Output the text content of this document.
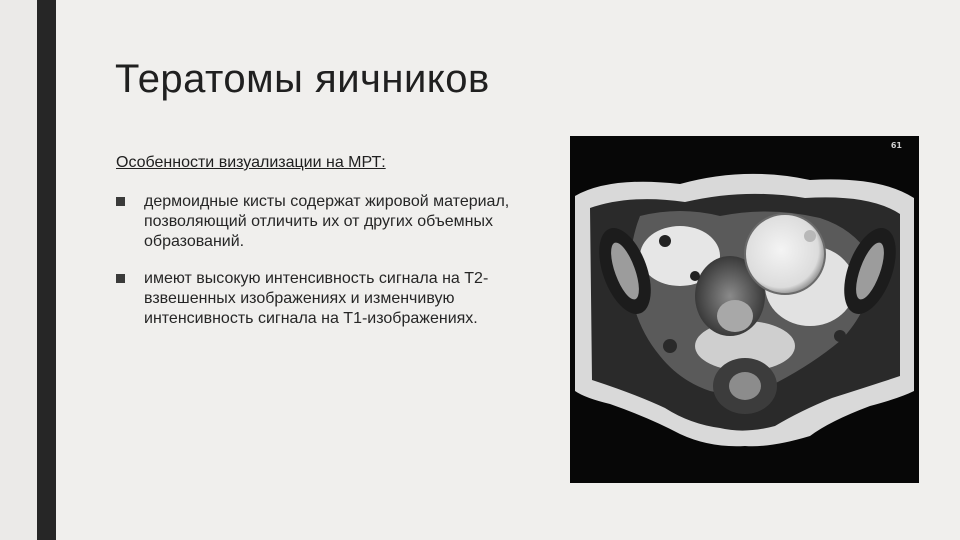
Тератомы яичников
Особенности визуализации на МРТ:
дермоидные кисты содержат жировой материал, позволяющий отличить их от других объемных образований.
имеют высокую интенсивность сигнала на T2-взвешенных изображениях и изменчивую интенсивность сигнала на T1-изображениях.
61
